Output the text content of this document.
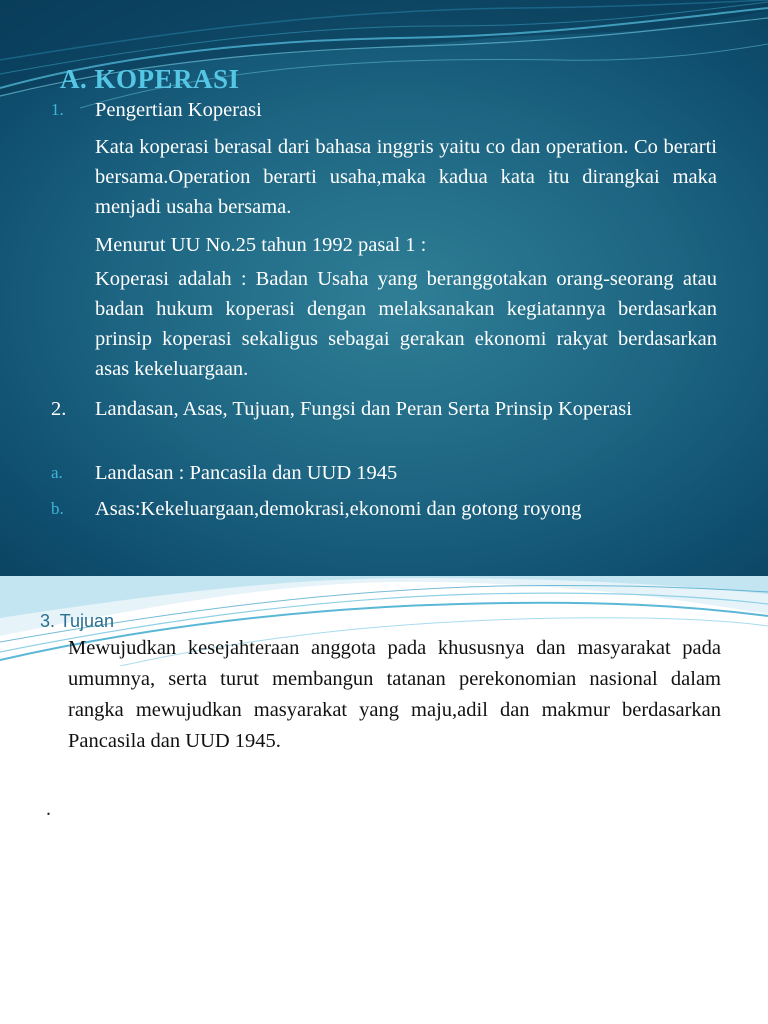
A. KOPERASI
1. Pengertian Koperasi
Kata koperasi berasal dari bahasa inggris yaitu co dan operation. Co berarti bersama.Operation berarti usaha,maka kadua kata itu dirangkai maka menjadi usaha bersama.
Menurut UU No.25 tahun 1992 pasal 1 :
Koperasi adalah : Badan Usaha yang beranggotakan orang-seorang atau badan hukum koperasi dengan melaksanakan kegiatannya berdasarkan prinsip koperasi sekaligus sebagai gerakan ekonomi rakyat berdasarkan asas kekeluargaan.
2. Landasan, Asas, Tujuan, Fungsi dan Peran Serta Prinsip Koperasi
a. Landasan : Pancasila dan UUD 1945
b. Asas:Kekeluargaan,demokrasi,ekonomi dan gotong royong
3. Tujuan
Mewujudkan kesejahteraan anggota pada khususnya dan masyarakat pada umumnya, serta turut membangun tatanan perekonomian nasional dalam rangka mewujudkan masyarakat yang maju,adil dan makmur berdasarkan Pancasila dan UUD 1945.
.
